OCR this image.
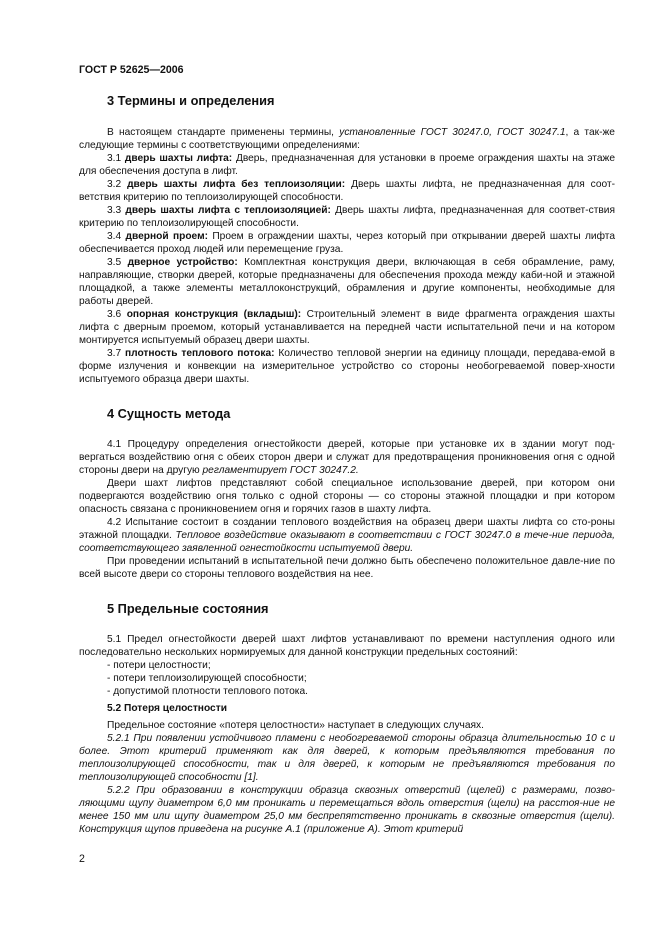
ГОСТ Р 52625—2006
3 Термины и определения

В настоящем стандарте применены термины, установленные ГОСТ 30247.0, ГОСТ 30247.1, а так-же следующие термины с соответствующими определениями:

3.1 дверь шахты лифта: Дверь, предназначенная для установки в проеме ограждения шахты на этаже для обеспечения доступа в лифт.

3.2 дверь шахты лифта без теплоизоляции: Дверь шахты лифта, не предназначенная для соот-ветствия критерию по теплоизолирующей способности.

3.3 дверь шахты лифта с теплоизоляцией: Дверь шахты лифта, предназначенная для соответ-ствия критерию по теплоизолирующей способности.

3.4 дверной проем: Проем в ограждении шахты, через который при открывании дверей шахты лифта обеспечивается проход людей или перемещение груза.

3.5 дверное устройство: Комплектная конструкция двери, включающая в себя обрамление, раму, направляющие, створки дверей, которые предназначены для обеспечения прохода между каби-ной и этажной площадкой, а также элементы металлоконструкций, обрамления и другие компоненты, необходимые для работы дверей.

3.6 опорная конструкция (вкладыш): Строительный элемент в виде фрагмента ограждения шахты лифта с дверным проемом, который устанавливается на передней части испытательной печи и на котором монтируется испытуемый образец двери шахты.

3.7 плотность теплового потока: Количество тепловой энергии на единицу площади, передава-емой в форме излучения и конвекции на измерительное устройство со стороны необогреваемой повер-хности испытуемого образца двери шахты.

4 Сущность метода

4.1 Процедуру определения огнестойкости дверей, которые при установке их в здании могут под-вергаться воздействию огня с обеих сторон двери и служат для предотвращения проникновения огня с одной стороны двери на другую регламентирует ГОСТ 30247.2.

Двери шахт лифтов представляют собой специальное использование дверей, при котором они подвергаются воздействию огня только с одной стороны — со стороны этажной площадки и при котором опасность связана с проникновением огня и горячих газов в шахту лифта.

4.2 Испытание состоит в создании теплового воздействия на образец двери шахты лифта со сто-роны этажной площадки. Тепловое воздействие оказывают в соответствии с ГОСТ 30247.0 в тече-ние периода, соответствующего заявленной огнестойкости испытуемой двери.

При проведении испытаний в испытательной печи должно быть обеспечено положительное давле-ние по всей высоте двери со стороны теплового воздействия на нее.

5 Предельные состояния

5.1 Предел огнестойкости дверей шахт лифтов устанавливают по времени наступления одного или последовательно нескольких нормируемых для данной конструкции предельных состояний:

- потери целостности;

- потери теплоизолирующей способности;

- допустимой плотности теплового потока.

5.2 Потеря целостности

Предельное состояние «потеря целостности» наступает в следующих случаях.

5.2.1 При появлении устойчивого пламени с необогреваемой стороны образца длительностью 10 с и более. Этот критерий применяют как для дверей, к которым предъявляются требования по теплоизолирующей способности, так и для дверей, к которым не предъявляются требования по теплоизолирующей способности [1].

5.2.2 При образовании в конструкции образца сквозных отверстий (щелей) с размерами, позво-ляющими щупу диаметром 6,0 мм проникать и перемещаться вдоль отверстия (щели) на расстоя-ние не менее 150 мм или щупу диаметром 25,0 мм беспрепятственно проникать в сквозные отверстия (щели). Конструкция щупов приведена на рисунке А.1 (приложение А). Этот критерий

2
